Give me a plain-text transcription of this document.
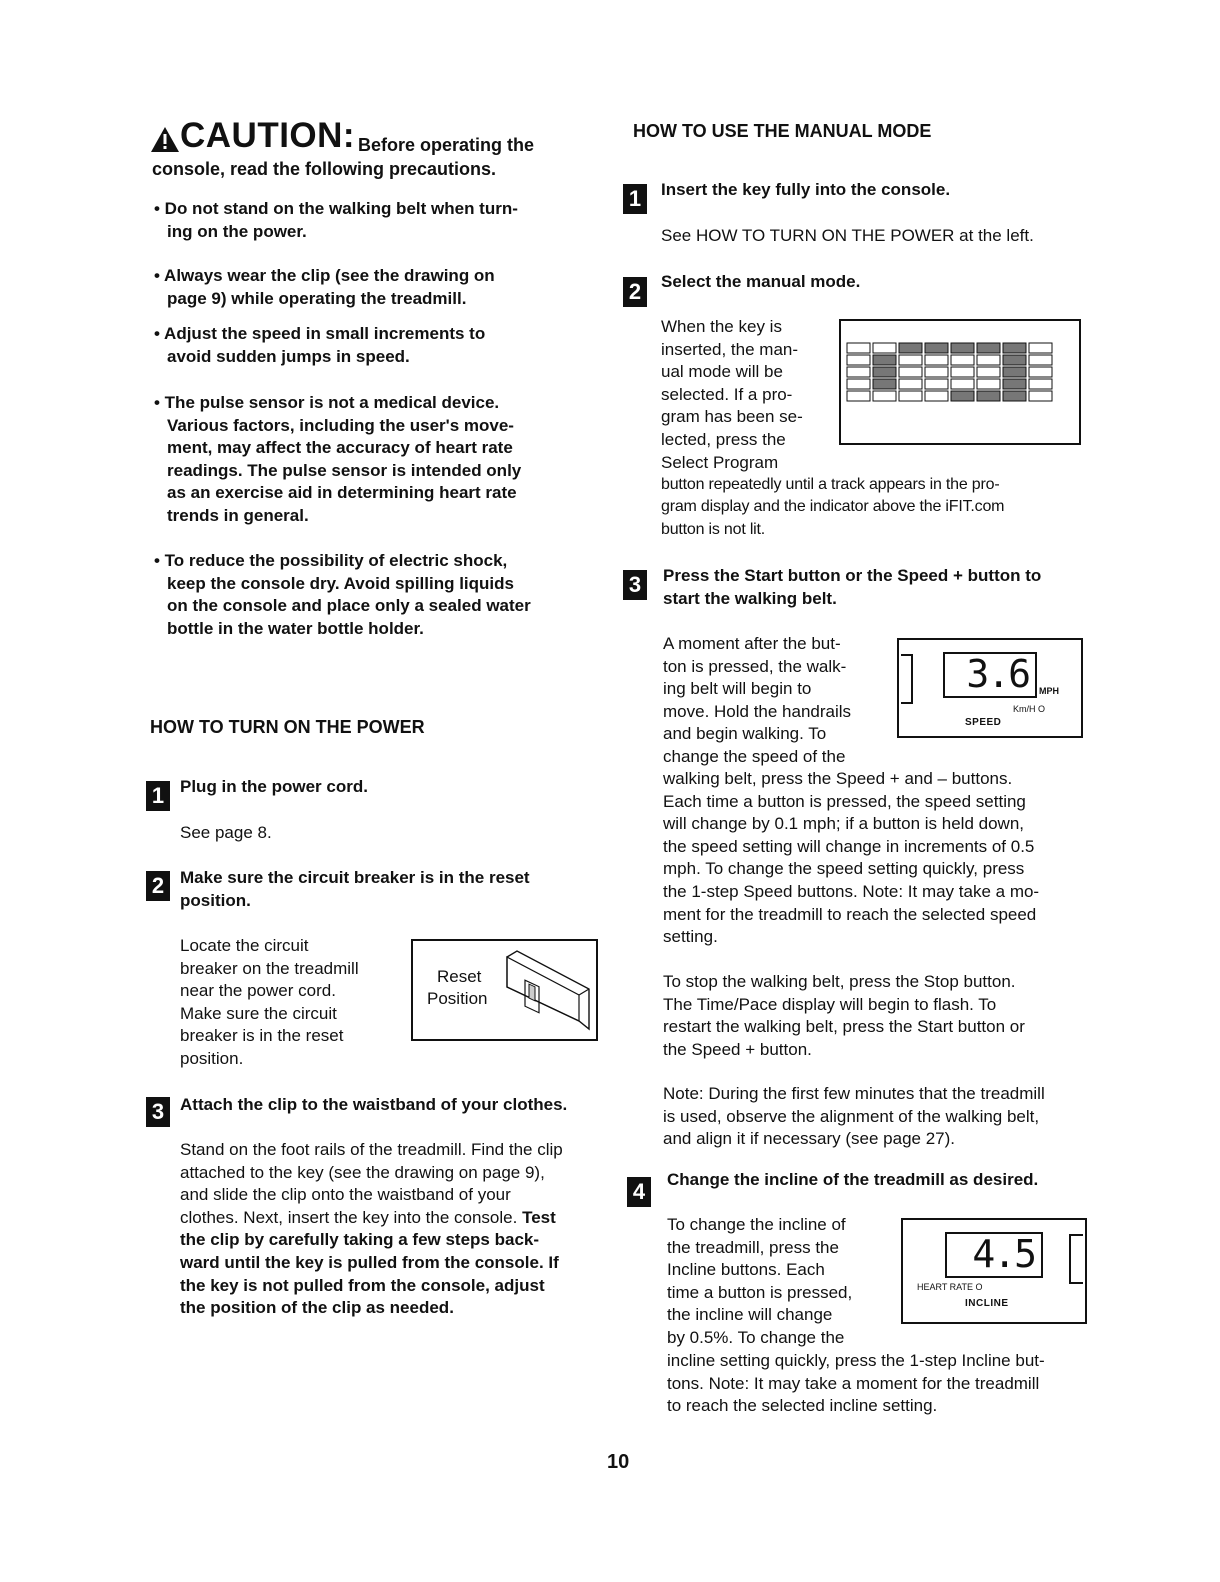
CAUTION: Before operating the
console, read the following precautions.
• Do not stand on the walking belt when turn-
ing on the power.
• Always wear the clip (see the drawing on
page 9) while operating the treadmill.
• Adjust the speed in small increments to
avoid sudden jumps in speed.
• The pulse sensor is not a medical device.
Various factors, including the user's move-
ment, may affect the accuracy of heart rate
readings. The pulse sensor is intended only
as an exercise aid in determining heart rate
trends in general.
• To reduce the possibility of electric shock,
keep the console dry. Avoid spilling liquids
on the console and place only a sealed water
bottle in the water bottle holder.
HOW TO TURN ON THE POWER
1 Plug in the power cord.
See page 8.
2 Make sure the circuit breaker is in the reset
position.
Locate the circuit
breaker on the treadmill
near the power cord.
Make sure the circuit
breaker is in the reset
position.
Reset
Position
3 Attach the clip to the waistband of your clothes.
Stand on the foot rails of the treadmill. Find the clip
attached to the key (see the drawing on page 9),
and slide the clip onto the waistband of your
clothes. Next, insert the key into the console. Test
the clip by carefully taking a few steps back-
ward until the key is pulled from the console. If
the key is not pulled from the console, adjust
the position of the clip as needed.
HOW TO USE THE MANUAL MODE
1	Insert the key fully into the console.
See HOW TO TURN ON THE POWER at the left.
2	Select the manual mode.
When the key is
inserted, the man-
ual mode will be
selected. If a pro-
gram has been se-
lected, press the
Select Program
button repeatedly until a track appears in the pro-
gram display and the indicator above the iFIT.com
button is not lit.
3	Press the Start button or the Speed + button to
start the walking belt.
A moment after the but-
ton is pressed, the walk-
ing belt will begin to
move. Hold the handrails
and begin walking. To
change the speed of the
walking belt, press the Speed + and – buttons.
Each time a button is pressed, the speed setting
will change by 0.1 mph; if a button is held down,
the speed setting will change in increments of 0.5
mph. To change the speed setting quickly, press
the 1-step Speed buttons. Note: It may take a mo-
ment for the treadmill to reach the selected speed
setting.
To stop the walking belt, press the Stop button.
The Time/Pace display will begin to flash. To
restart the walking belt, press the Start button or
the Speed + button.
Note: During the first few minutes that the treadmill
is used, observe the alignment of the walking belt,
and align it if necessary (see page 27).
3.6 MPH
Km/H O
SPEED
4	Change the incline of the treadmill as desired.
To change the incline of
the treadmill, press the
Incline buttons. Each
time a button is pressed,
the incline will change
by 0.5%. To change the
incline setting quickly, press the 1-step Incline but-
tons. Note: It may take a moment for the treadmill
to reach the selected incline setting.
4.5
HEART RATE O
INCLINE
10
